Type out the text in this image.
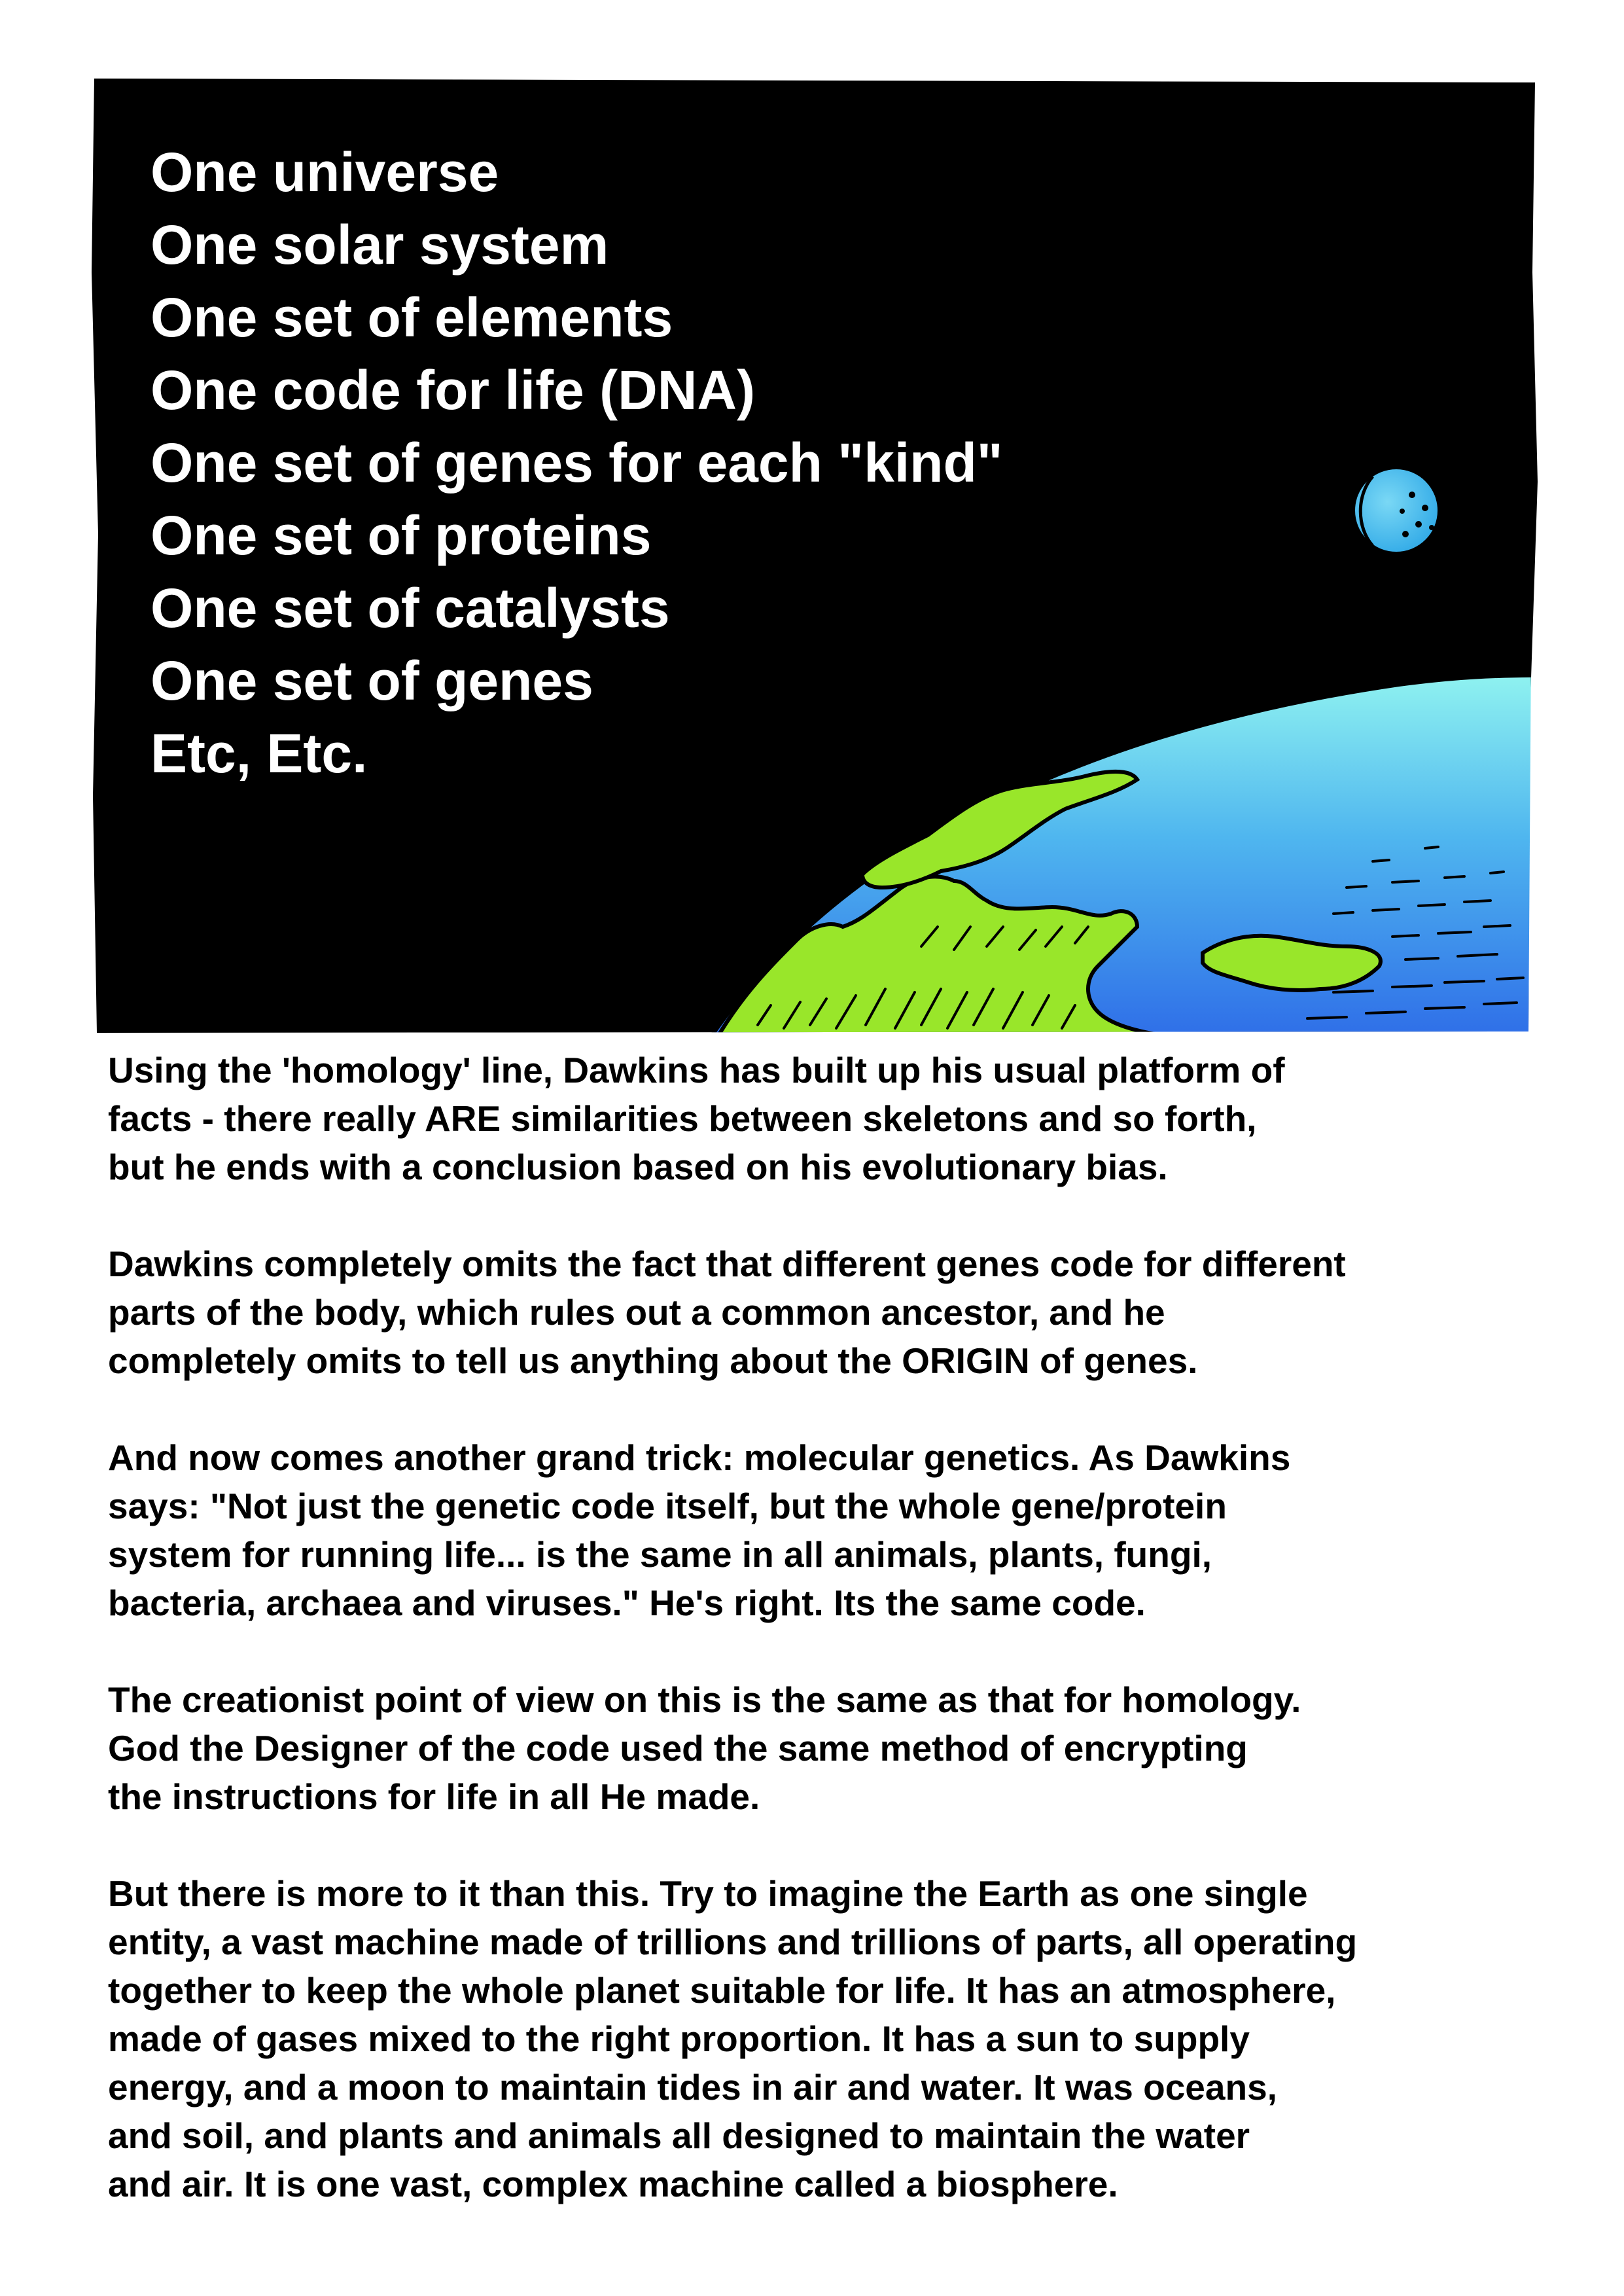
One universe
One solar system
One set of elements
One code for life (DNA)
One set of genes for each "kind"
One set of proteins
One set of catalysts
One set of genes
Etc, Etc.

Using the 'homology' line, Dawkins has built up his usual platform of
facts - there really ARE similarities between skeletons and so forth,
but he ends with a conclusion based on his evolutionary bias.

Dawkins completely omits the fact that different genes code for different
parts of the body, which rules out a common ancestor, and he
completely omits to tell us anything about the ORIGIN of genes.

And now comes another grand trick: molecular genetics. As Dawkins
says: "Not just the genetic code itself, but the whole gene/protein
system for running life... is the same in all animals, plants, fungi,
bacteria, archaea and viruses." He's right. Its the same code.

The creationist point of view on this is the same as that for homology.
God the Designer of the code used the same method of encrypting
the instructions for life in all He made.

But there is more to it than this. Try to imagine the Earth as one single
entity, a vast machine made of trillions and trillions of parts, all operating
together to keep the whole planet suitable for life. It has an atmosphere,
made of gases mixed to the right proportion. It has a sun to supply
energy, and a moon to maintain tides in air and water. It was oceans,
and soil, and plants and animals all designed to maintain the water
and air. It is one vast, complex machine called a biosphere.
